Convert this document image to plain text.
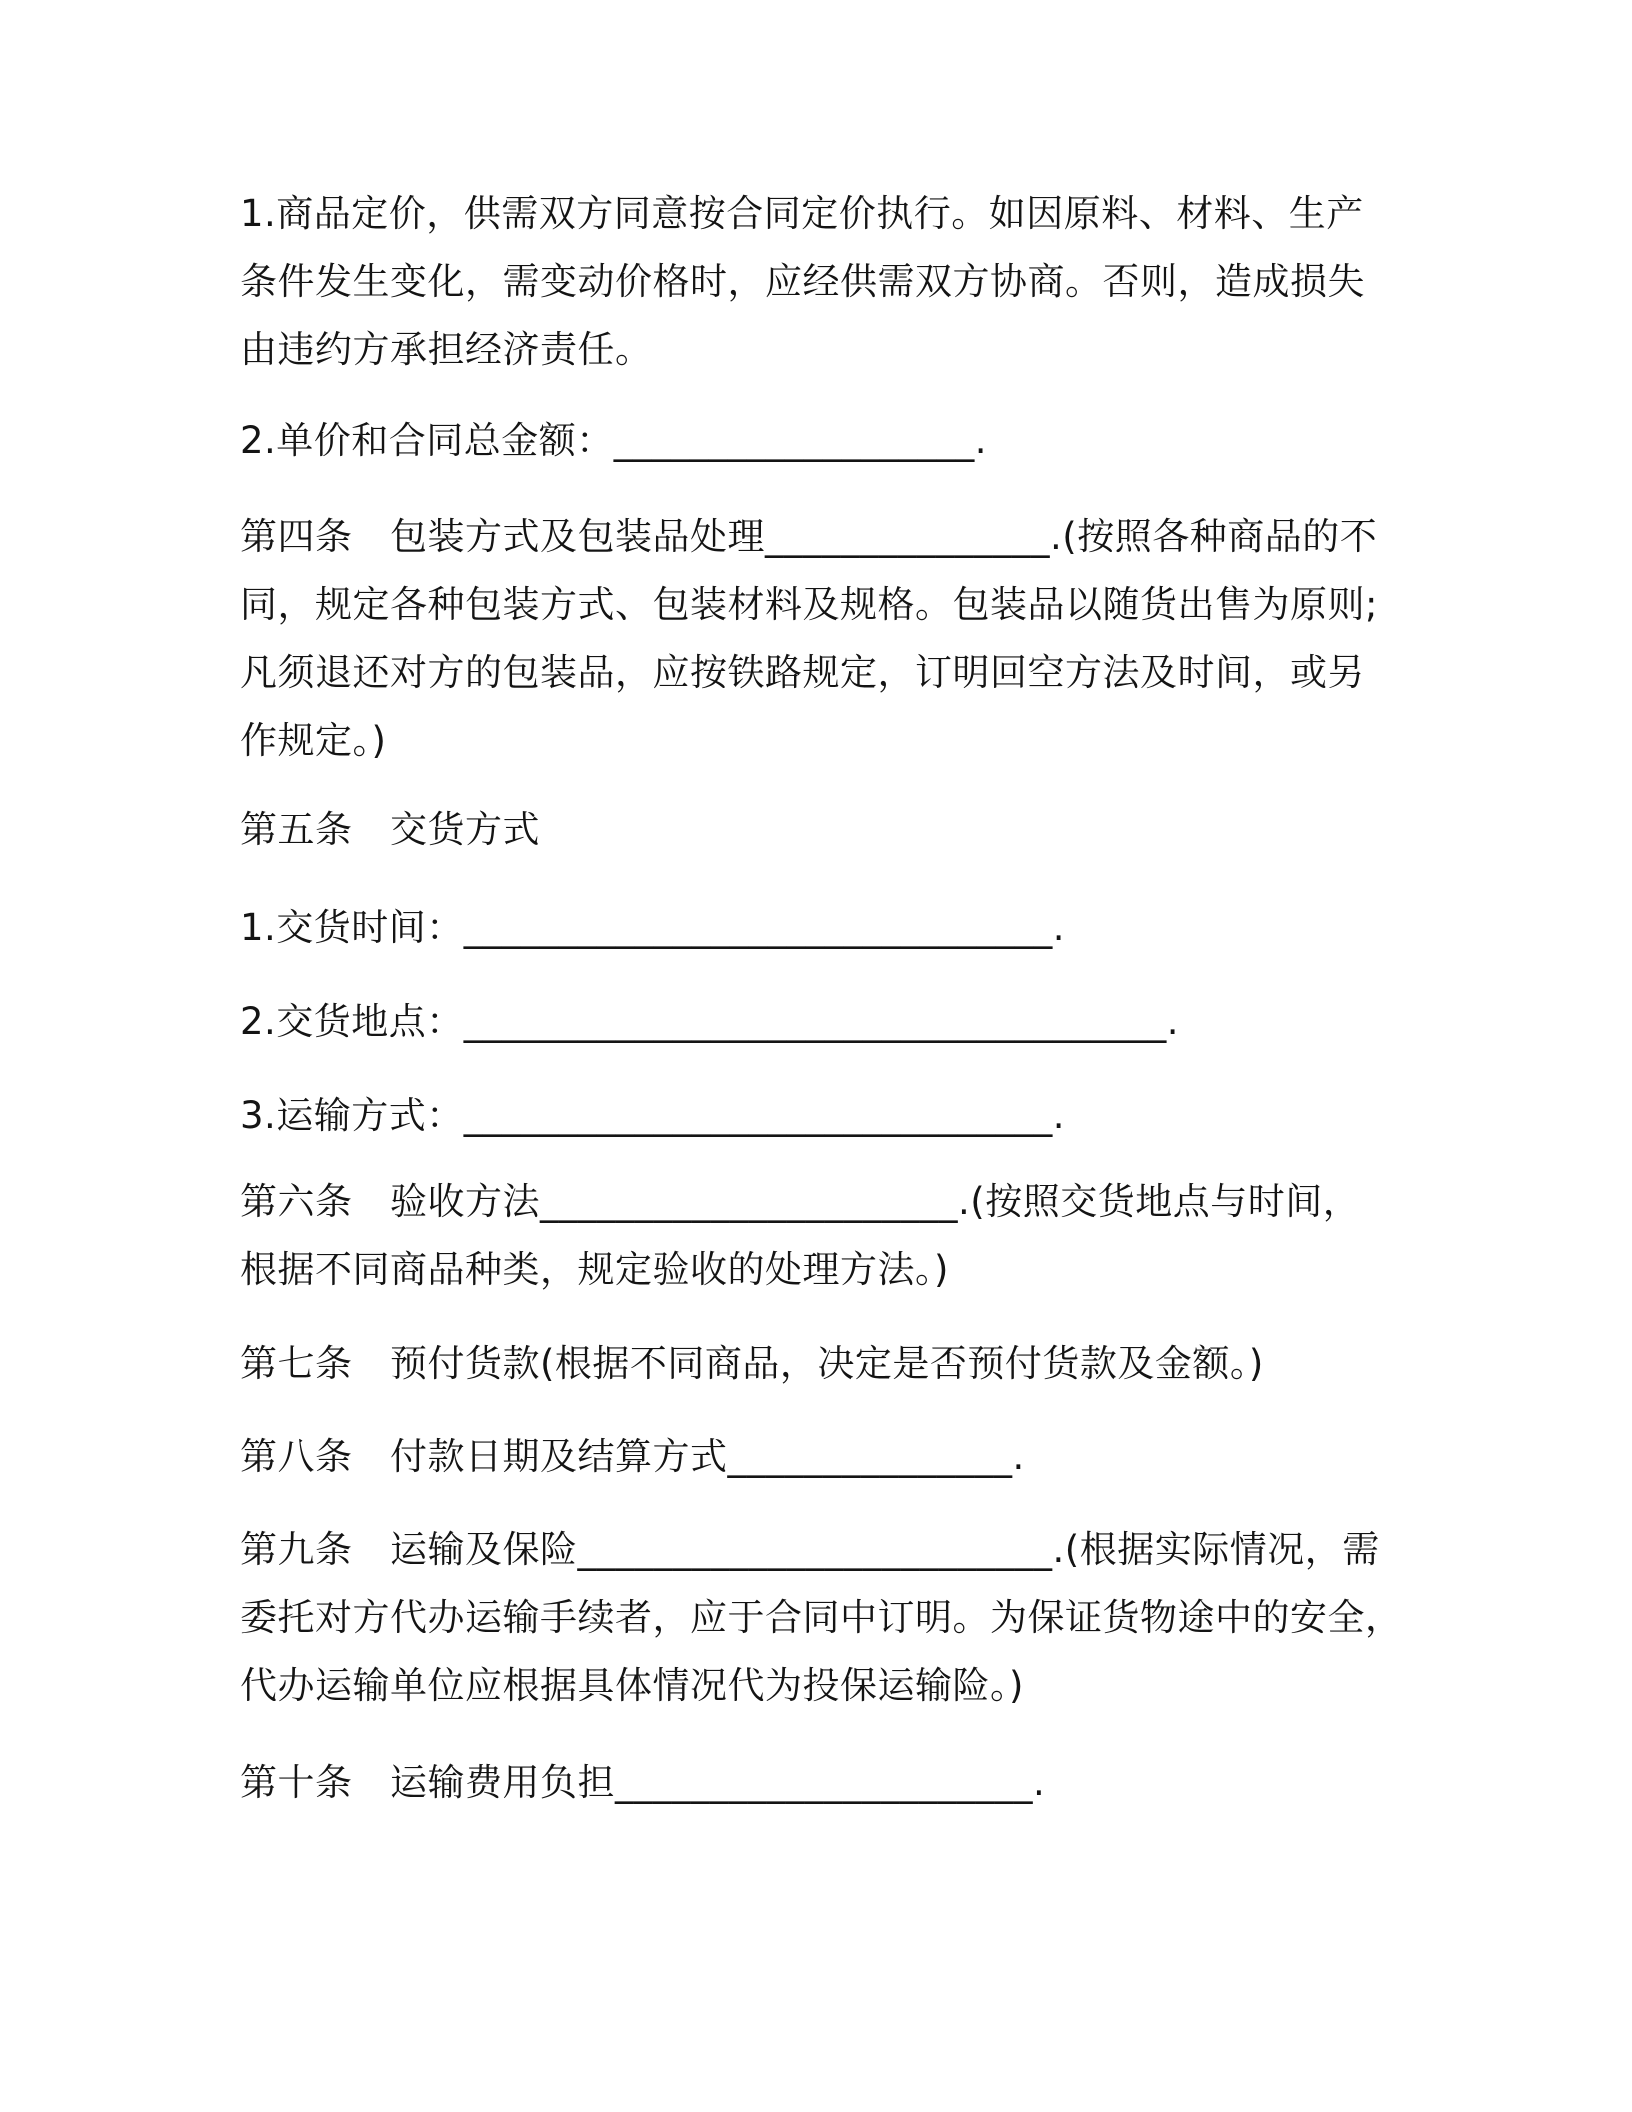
1.商品定价，供需双方同意按合同定价执行。如因原料、材料、生产
条件发生变化，需变动价格时，应经供需双方协商。否则，造成损失
由违约方承担经济责任。

2.单价和合同总金额：___________________.

第四条　包装方式及包装品处理_______________.(按照各种商品的不
同，规定各种包装方式、包装材料及规格。包装品以随货出售为原则;
凡须退还对方的包装品，应按铁路规定，订明回空方法及时间，或另
作规定。)

第五条　交货方式

1.交货时间：_______________________________.

2.交货地点：_____________________________________.

3.运输方式：_______________________________.

第六条　验收方法______________________.(按照交货地点与时间，
根据不同商品种类，规定验收的处理方法。)

第七条　预付货款(根据不同商品，决定是否预付货款及金额。)

第八条　付款日期及结算方式_______________.

第九条　运输及保险_________________________.(根据实际情况，需
委托对方代办运输手续者，应于合同中订明。为保证货物途中的安全，
代办运输单位应根据具体情况代为投保运输险。)

第十条　运输费用负担______________________.
